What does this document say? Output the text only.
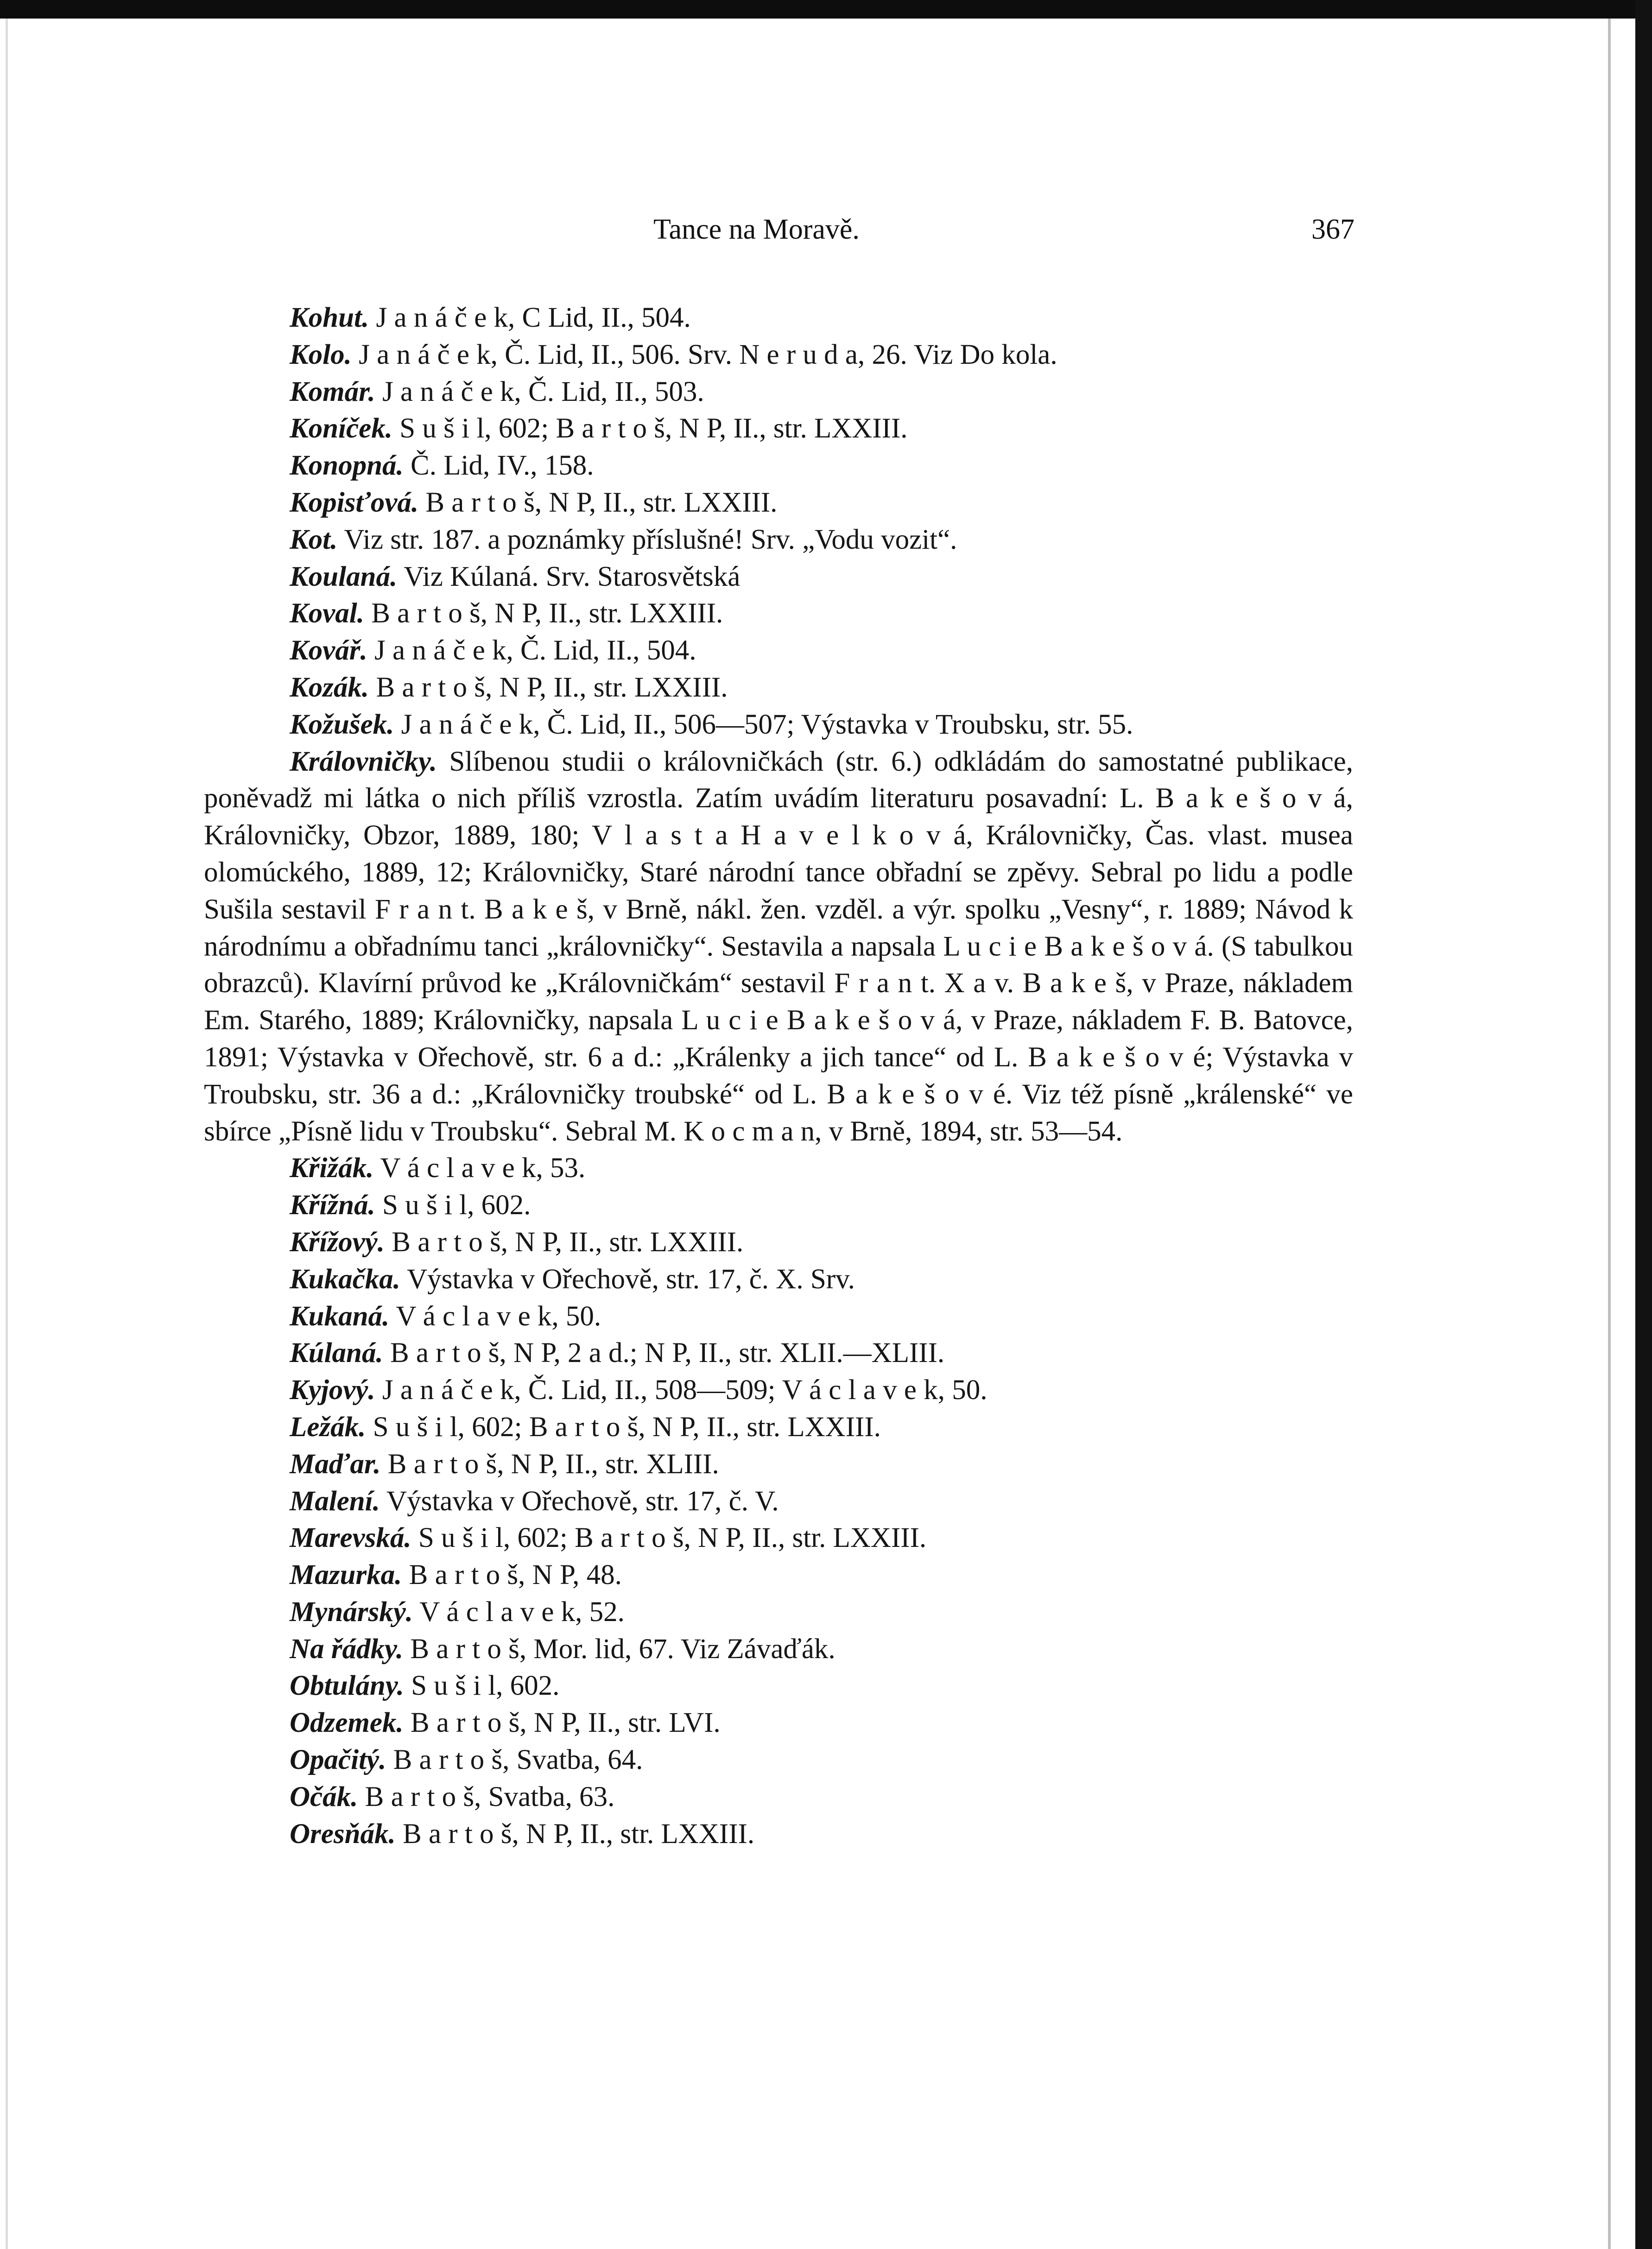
Tance na Moravě.	367

Kohut. J a n á č e k, C Lid, II., 504.

Kolo. J a n á č e k, Č. Lid, II., 506. Srv. N e r u d a, 26. Viz Do kola.

Komár. J a n á č e k, Č. Lid, II., 503.

Koníček. S u š i l, 602; B a r t o š, N P, II., str. LXXIII.

Konopná. Č. Lid, IV., 158.

Kopisťová. B a r t o š, N P, II., str. LXXIII.

Kot. Viz str. 187. a poznámky příslušné! Srv. „Vodu vozit“.

Koulaná. Viz Kúlaná. Srv. Starosvětská

Koval. B a r t o š, N P, II., str. LXXIII.

Kovář. J a n á č e k, Č. Lid, II., 504.

Kozák. B a r t o š, N P, II., str. LXXIII.

Kožušek. J a n á č e k, Č. Lid, II., 506—507; Výstavka v Troubsku, str. 55.

Královničky. Slíbenou studii o královničkách (str. 6.) odkládám do samostatné publikace, poněvadž mi látka o nich příliš vzrostla. Zatím uvádím literaturu posavadní: L. B a k e š o v á, Královničky, Obzor, 1889, 180; V l a s t a H a v e l k o v á, Královničky, Čas. vlast. musea olomúckého, 1889, 12; Královničky, Staré národní tance obřadní se zpěvy. Sebral po lidu a podle Sušila sestavil F r a n t. B a k e š, v Brně, nákl. žen. vzděl. a výr. spolku „Vesny“, r. 1889; Návod k národnímu a obřadnímu tanci „královničky“. Sestavila a napsala L u c i e B a k e š o v á. (S tabulkou obrazců). Klavírní průvod ke „Královničkám“ sestavil F r a n t. X a v. B a k e š, v Praze, nákladem Em. Starého, 1889; Královničky, napsala L u c i e B a k e š o v á, v Praze, nákladem F. B. Batovce, 1891; Výstavka v Ořechově, str. 6 a d.: „Králenky a jich tance“ od L. B a k e š o v é; Výstavka v Troubsku, str. 36 a d.: „Královničky troubské“ od L. B a k e š o v é. Viz též písně „králenské“ ve sbírce „Písně lidu v Troubsku“. Sebral M. K o c m a n, v Brně, 1894, str. 53—54.

Křižák. V á c l a v e k, 53.

Křížná. S u š i l, 602.

Křížový. B a r t o š, N P, II., str. LXXIII.

Kukačka. Výstavka v Ořechově, str. 17, č. X. Srv.

Kukaná. V á c l a v e k, 50.

Kúlaná. B a r t o š, N P, 2 a d.; N P, II., str. XLII.—XLIII.

Kyjový. J a n á č e k, Č. Lid, II., 508—509; V á c l a v e k, 50.

Ležák. S u š i l, 602; B a r t o š, N P, II., str. LXXIII.

Maďar. B a r t o š, N P, II., str. XLIII.

Malení. Výstavka v Ořechově, str. 17, č. V.

Marevská. S u š i l, 602; B a r t o š, N P, II., str. LXXIII.

Mazurka. B a r t o š, N P, 48.

Mynárský. V á c l a v e k, 52.

Na řádky. B a r t o š, Mor. lid, 67. Viz Závaďák.

Obtulány. S u š i l, 602.

Odzemek. B a r t o š, N P, II., str. LVI.

Opačitý. B a r t o š, Svatba, 64.

Očák. B a r t o š, Svatba, 63.

Oresňák. B a r t o š, N P, II., str. LXXIII.
